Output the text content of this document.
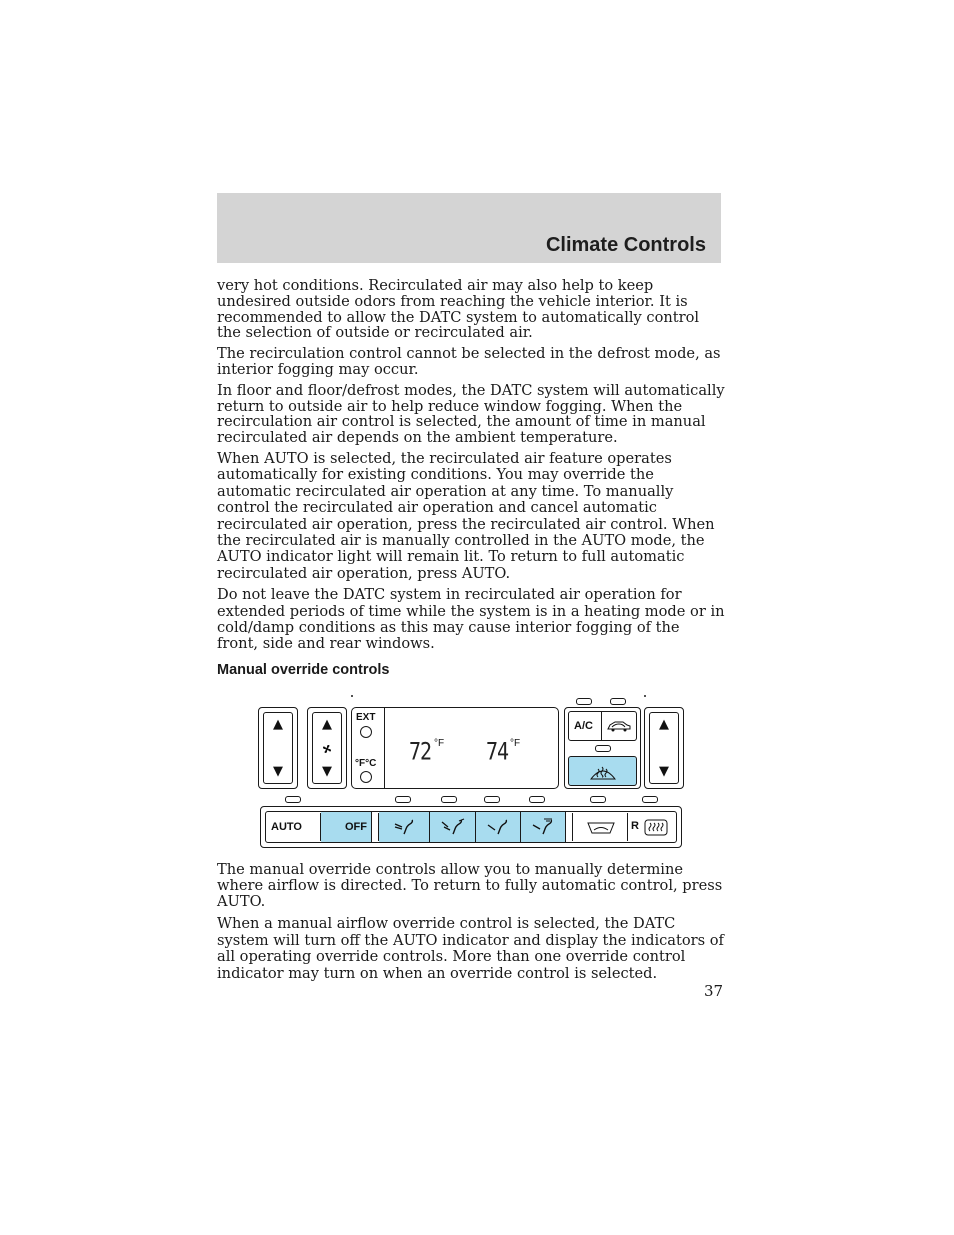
Climate Controls

very hot conditions. Recirculated air may also help to keep undesired outside odors from reaching the vehicle interior. It is recommended to allow the DATC system to automatically control the selection of outside or recirculated air.

The recirculation control cannot be selected in the defrost mode, as interior fogging may occur.

In floor and floor/defrost modes, the DATC system will automatically return to outside air to help reduce window fogging. When the recirculation air control is selected, the amount of time in manual recirculated air depends on the ambient temperature.

When AUTO is selected, the recirculated air feature operates automatically for existing conditions. You may override the automatic recirculated air operation at any time. To manually control the recirculated air operation and cancel automatic recirculated air operation, press the recirculated air control. When the recirculated air is manually controlled in the AUTO mode, the AUTO indicator light will remain lit. To return to full automatic recirculated air operation, press AUTO.

Do not leave the DATC system in recirculated air operation for extended periods of time while the system is in a heating mode or in cold/damp conditions as this may cause interior fogging of the front, side and rear windows.

Manual override controls
▲
▼
▲
▼
EXT
°F°C 72 °F 74 °F
A/C	▲
▼
AUTO	OFF	R

The manual override controls allow you to manually determine where airflow is directed. To return to fully automatic control, press AUTO.

When a manual airflow override control is selected, the DATC system will turn off the AUTO indicator and display the indicators of all operating override controls. More than one override control indicator may turn on when an override control is selected.

37
